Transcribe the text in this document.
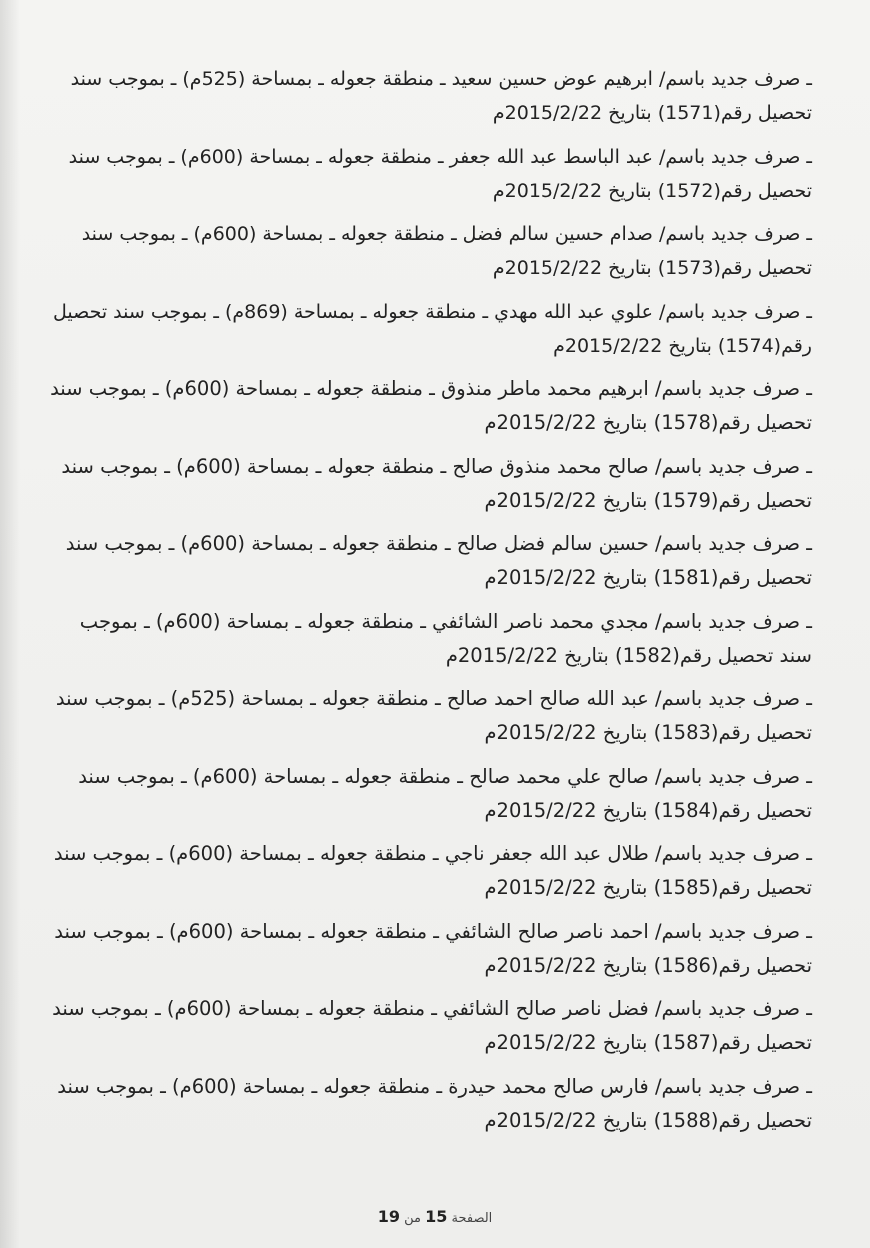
ـ صرف جديد باسم/ ابرهيم عوض حسين سعيد ـ منطقة جعوله ـ بمساحة (525م) ـ بموجب سند تحصيل رقم(1571) بتاريخ 2015/2/22م
ـ صرف جديد باسم/ عبد الباسط عبد الله جعفر ـ منطقة جعوله ـ بمساحة (600م) ـ بموجب سند تحصيل رقم(1572) بتاريخ 2015/2/22م
ـ صرف جديد باسم/ صدام حسين سالم فضل ـ منطقة جعوله ـ بمساحة (600م) ـ بموجب سند تحصيل رقم(1573) بتاريخ 2015/2/22م
ـ صرف جديد باسم/ علوي عبد الله مهدي ـ منطقة جعوله ـ بمساحة (869م) ـ بموجب سند تحصيل رقم(1574) بتاريخ 2015/2/22م
ـ صرف جديد باسم/ ابرهيم محمد ماطر منذوق ـ منطقة جعوله ـ بمساحة (600م) ـ بموجب سند تحصيل رقم(1578) بتاريخ 2015/2/22م
ـ صرف جديد باسم/ صالح محمد منذوق صالح ـ منطقة جعوله ـ بمساحة (600م) ـ بموجب سند تحصيل رقم(1579) بتاريخ 2015/2/22م
ـ صرف جديد باسم/ حسين سالم فضل صالح ـ منطقة جعوله ـ بمساحة (600م) ـ بموجب سند تحصيل رقم(1581) بتاريخ 2015/2/22م
ـ صرف جديد باسم/ مجدي محمد ناصر الشائفي ـ منطقة جعوله ـ بمساحة (600م) ـ بموجب سند تحصيل رقم(1582) بتاريخ 2015/2/22م
ـ صرف جديد باسم/ عبد الله صالح احمد صالح ـ منطقة جعوله ـ بمساحة (525م) ـ بموجب سند تحصيل رقم(1583) بتاريخ 2015/2/22م
ـ صرف جديد باسم/ صالح علي محمد صالح ـ منطقة جعوله ـ بمساحة (600م) ـ بموجب سند تحصيل رقم(1584) بتاريخ 2015/2/22م
ـ صرف جديد باسم/ طلال عبد الله جعفر ناجي ـ منطقة جعوله ـ بمساحة (600م) ـ بموجب سند تحصيل رقم(1585) بتاريخ 2015/2/22م
ـ صرف جديد باسم/ احمد ناصر صالح الشائفي ـ منطقة جعوله ـ بمساحة (600م) ـ بموجب سند تحصيل رقم(1586) بتاريخ 2015/2/22م
ـ صرف جديد باسم/ فضل ناصر صالح الشائفي ـ منطقة جعوله ـ بمساحة (600م) ـ بموجب سند تحصيل رقم(1587) بتاريخ 2015/2/22م
ـ صرف جديد باسم/ فارس صالح محمد حيدرة ـ منطقة جعوله ـ بمساحة (600م) ـ بموجب سند تحصيل رقم(1588) بتاريخ 2015/2/22م
الصفحة 15 من 19
